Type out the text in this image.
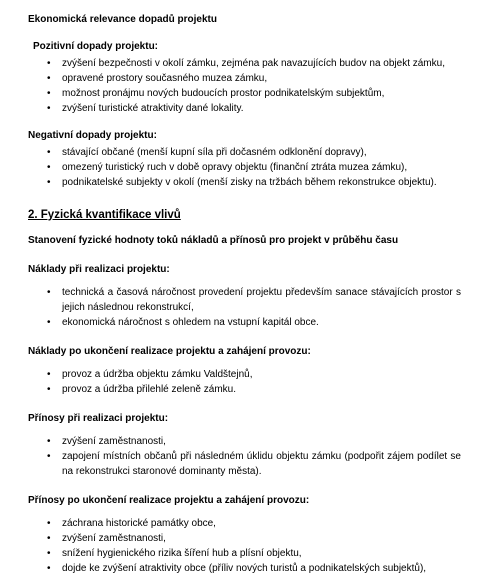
Ekonomická relevance dopadů projektu
Pozitivní dopady projektu:
• zvýšení bezpečnosti v okolí zámku, zejména pak navazujících budov na objekt zámku,
• opravené prostory současného muzea zámku,
• možnost pronájmu nových budoucích prostor podnikatelským subjektům,
• zvýšení turistické atraktivity dané lokality.
Negativní dopady projektu:
• stávající občané (menší kupní síla při dočasném odklonění dopravy),
• omezený turistický ruch v době opravy objektu (finanční ztráta muzea zámku),
• podnikatelské subjekty v okolí (menší zisky na tržbách během rekonstrukce objektu).
2. Fyzická kvantifikace vlivů
Stanovení fyzické hodnoty toků nákladů a přínosů pro projekt v průběhu času
Náklady při realizaci projektu:
• technická a časová náročnost provedení projektu především sanace stávajících prostor s jejich následnou rekonstrukcí,
• ekonomická náročnost s ohledem na vstupní kapitál obce.
Náklady po ukončení realizace projektu a zahájení provozu:
• provoz a údržba objektu zámku Valdštejnů,
• provoz a údržba přilehlé zeleně zámku.
Přínosy při realizaci projektu:
• zvýšení zaměstnanosti,
• zapojení místních občanů při následném úklidu objektu zámku (podpořit zájem podílet se na rekonstrukci staronové dominanty města).
Přínosy po ukončení realizace projektu a zahájení provozu:
• záchrana historické památky obce,
• zvýšení zaměstnanosti,
• snížení hygienického rizika šíření hub a plísní objektu,
• dojde ke zvýšení atraktivity obce (příliv nových turistů a podnikatelských subjektů),
